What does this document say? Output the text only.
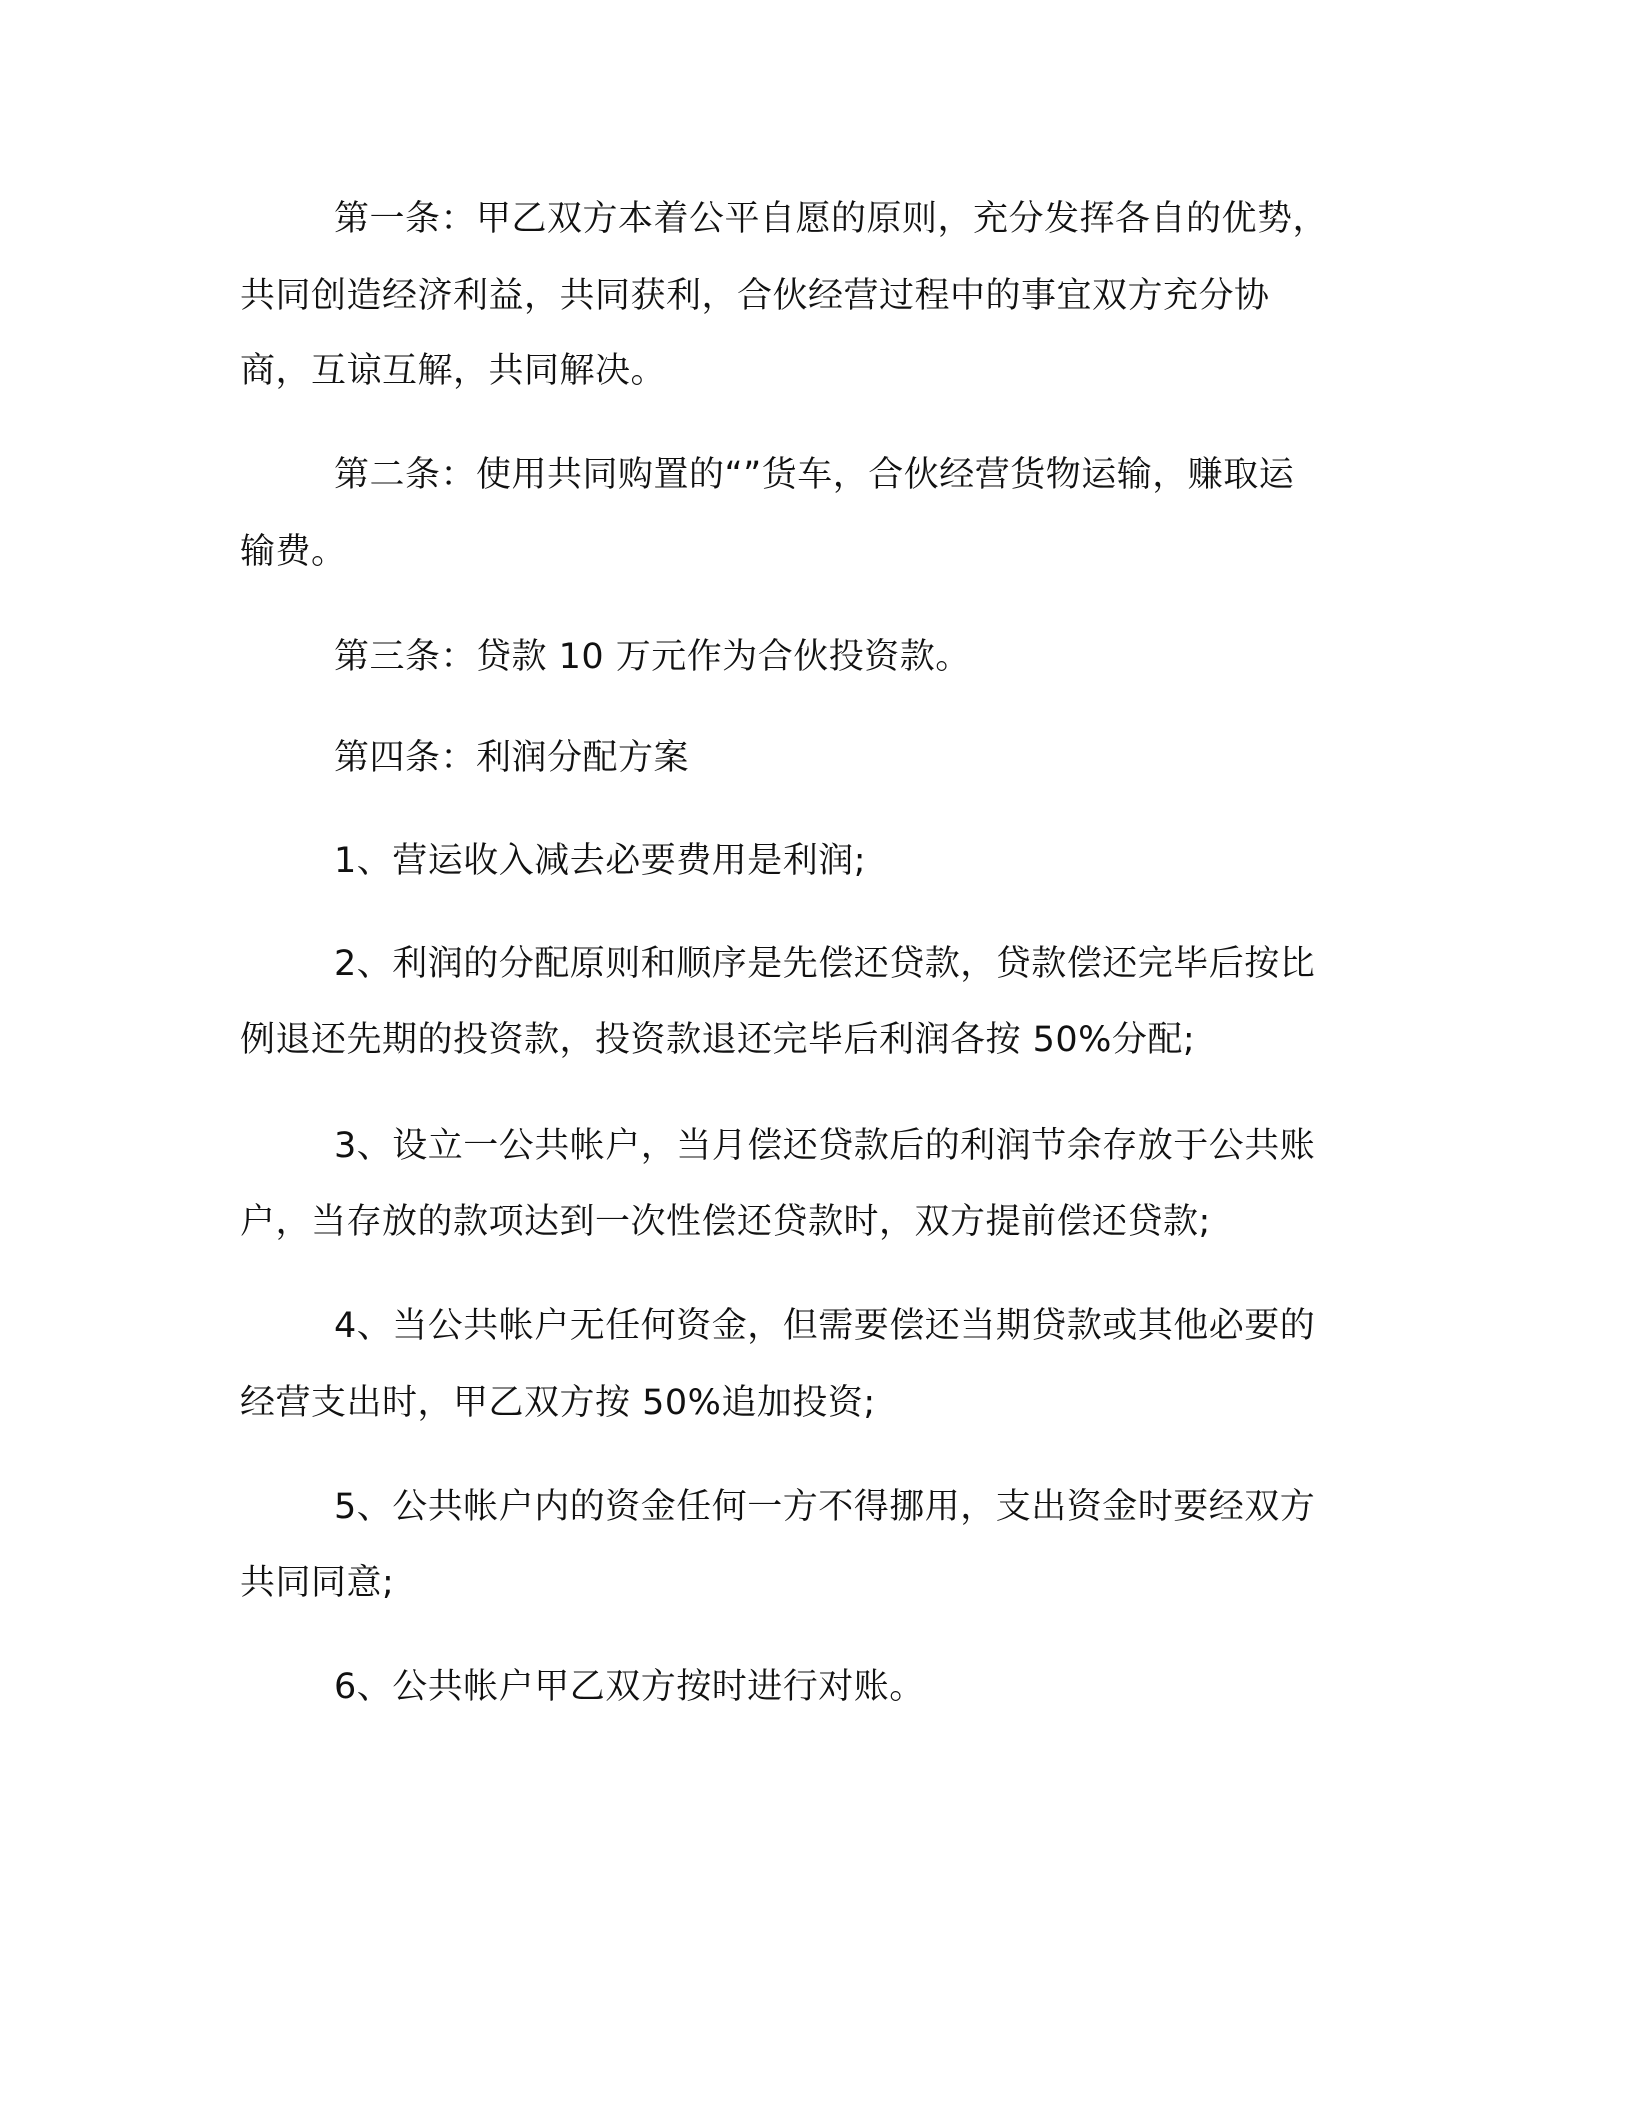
第一条：甲乙双方本着公平自愿的原则，充分发挥各自的优势，
共同创造经济利益，共同获利，合伙经营过程中的事宜双方充分协
商，互谅互解，共同解决。
第二条：使用共同购置的“”货车，合伙经营货物运输，赚取运
输费。
第三条：贷款 10 万元作为合伙投资款。
第四条：利润分配方案
1、营运收入减去必要费用是利润;
2、利润的分配原则和顺序是先偿还贷款，贷款偿还完毕后按比
例退还先期的投资款，投资款退还完毕后利润各按 50%分配;
3、设立一公共帐户，当月偿还贷款后的利润节余存放于公共账
户，当存放的款项达到一次性偿还贷款时，双方提前偿还贷款;
4、当公共帐户无任何资金，但需要偿还当期贷款或其他必要的
经营支出时，甲乙双方按 50%追加投资;
5、公共帐户内的资金任何一方不得挪用，支出资金时要经双方
共同同意;
6、公共帐户甲乙双方按时进行对账。
